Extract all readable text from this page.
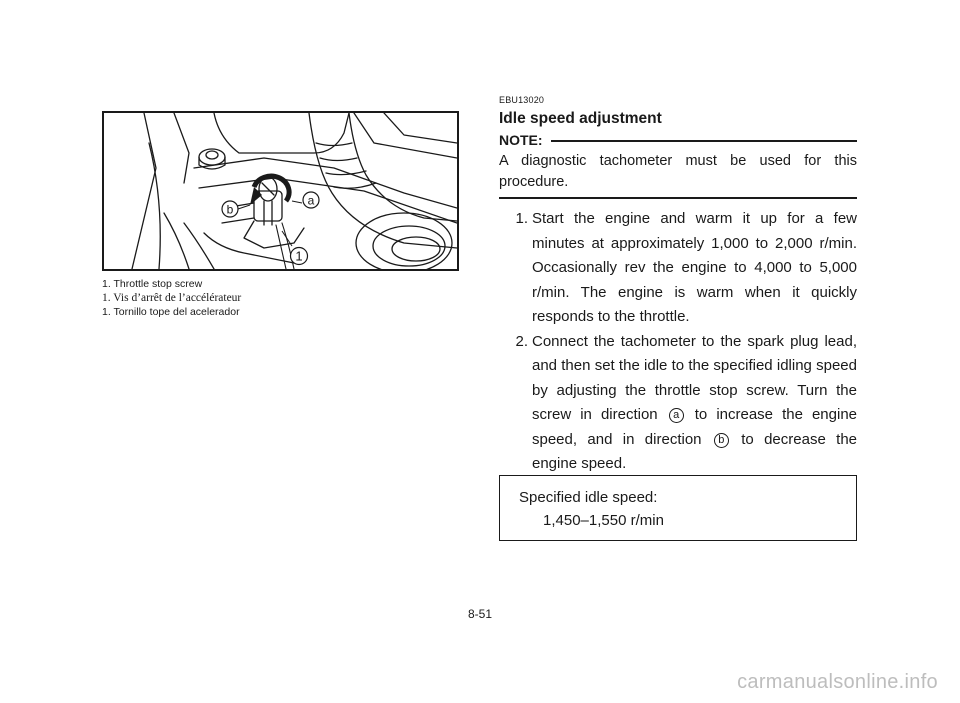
a
b
1
1. Throttle stop screw
1. Vis d’arrêt de l’accélérateur
1. Tornillo tope del acelerador
EBU13020
Idle speed adjustment
NOTE:
A diagnostic tachometer must be used for this procedure.
1. Start the engine and warm it up for a few minutes at approximately 1,000 to 2,000 r/min. Occasionally rev the engine to 4,000 to 5,000 r/min. The engine is warm when it quickly responds to the throttle.
2. Connect the tachometer to the spark plug lead, and then set the idle to the specified idling speed by adjusting the throttle stop screw. Turn the screw in direction a to increase the engine speed, and in direction b to decrease the engine speed.
Specified idle speed:
1,450–1,550 r/min
8-51
carmanualsonline.info
